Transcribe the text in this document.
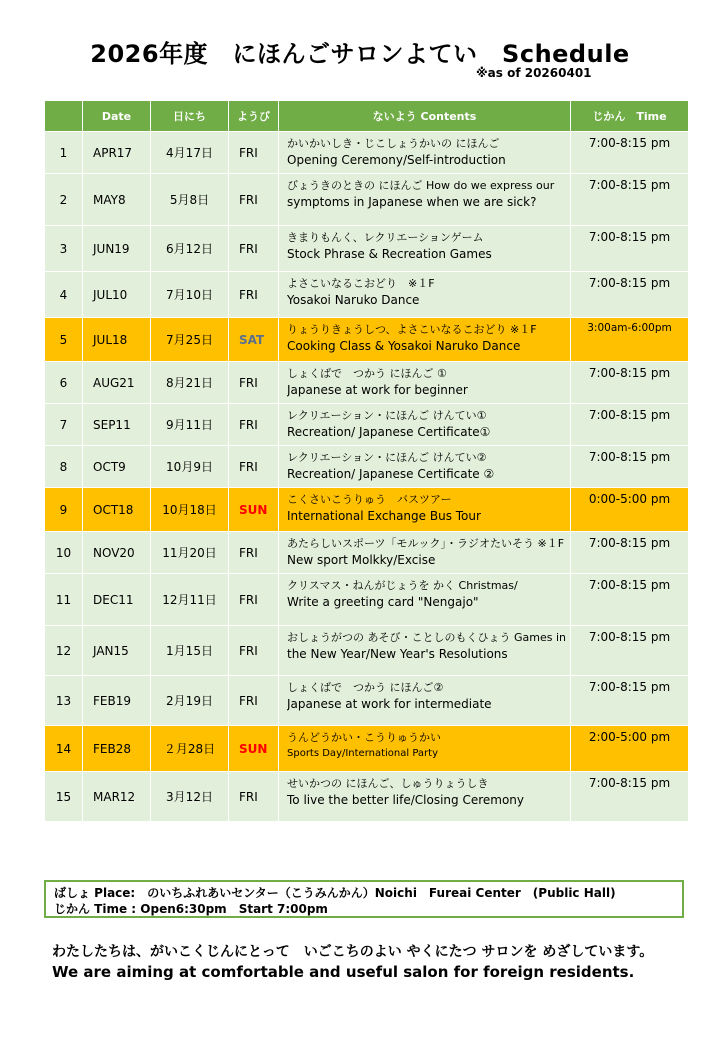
2026年度　にほんごサロンよてい　Schedule
※as of 20260401
	Date	日にち	ようび	ないよう Contents	じかん　Time
1	APR17	4月17日	FRI	かいかいしき・じこしょうかいの にほんご
Opening Ceremony/Self-introduction	7:00-8:15 pm
2	MAY8	5月8日	FRI	びょうきのときの にほんご How do we express our
symptoms in Japanese when we are sick?	7:00-8:15 pm
3	JUN19	6月12日	FRI	きまりもんく、レクリエーションゲーム
Stock Phrase & Recreation Games	7:00-8:15 pm
4	JUL10	7月10日	FRI	よさこいなるこおどり　※１F
Yosakoi Naruko Dance	7:00-8:15 pm
5	JUL18	7月25日	SAT	りょうりきょうしつ、よさこいなるこおどり ※１F
Cooking Class & Yosakoi Naruko Dance	3:00am-6:00pm
6	AUG21	8月21日	FRI	しょくばで　つかう にほんご ①
Japanese at work for beginner	7:00-8:15 pm
7	SEP11	9月11日	FRI	レクリエーション・にほんご けんてい①
Recreation/ Japanese Certificate①	7:00-8:15 pm
8	OCT9	10月9日	FRI	レクリエーション・にほんご けんてい②
Recreation/ Japanese Certificate ②	7:00-8:15 pm
9	OCT18	10月18日	SUN	こくさいこうりゅう　バスツアー
International Exchange Bus Tour	0:00-5:00 pm
10	NOV20	11月20日	FRI	あたらしいスポーツ「モルック」・ラジオたいそう ※１F
New sport Molkky/Excise	7:00-8:15 pm
11	DEC11	12月11日	FRI	クリスマス・ねんがじょうを かく Christmas/
Write a greeting card "Nengajo"	7:00-8:15 pm
12	JAN15	1月15日	FRI	おしょうがつの あそび・ことしのもくひょう Games in
the New Year/New Year's Resolutions	7:00-8:15 pm
13	FEB19	2月19日	FRI	しょくばで　つかう にほんご②
Japanese at work for intermediate	7:00-8:15 pm
14	FEB28	２月28日	SUN	うんどうかい・こうりゅうかい
Sports Day/International Party	2:00-5:00 pm
15	MAR12	3月12日	FRI	せいかつの にほんご、しゅうりょうしき
To live the better life/Closing Ceremony	7:00-8:15 pm
ばしょ Place:　のいちふれあいセンター（こうみんかん）Noichi　Fureai Center　(Public Hall)
じかん Time : Open6:30pm　Start 7:00pm
わたしたちは、がいこくじんにとって　いごこちのよい やくにたつ サロンを めざしています。
We are aiming at comfortable and useful salon for foreign residents.
